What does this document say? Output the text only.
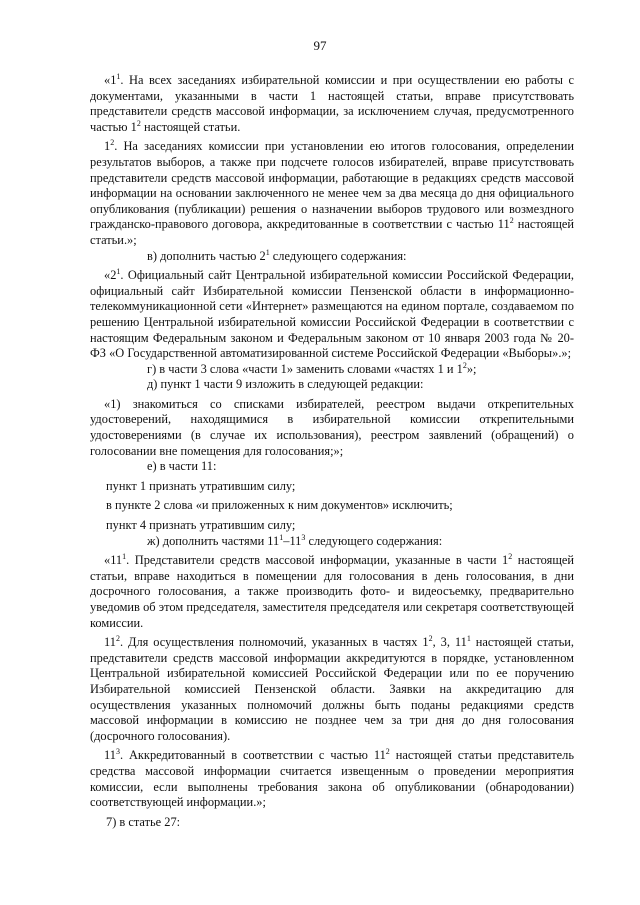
97

«$1^1$. На всех заседаниях избирательной комиссии и при осуществлении ею работы с документами, указанными в части 1 настоящей статьи, вправе присутствовать представители средств массовой информации, за исключением случая, предусмотренного частью $1^2$ настоящей статьи.

$1^2$. На заседаниях комиссии при установлении ею итогов голосования, определении результатов выборов, а также при подсчете голосов избирателей, вправе присутствовать представители средств массовой информации, работающие в редакциях средств массовой информации на основании заключенного не менее чем за два месяца до дня официального опубликования (публикации) решения о назначении выборов трудового или возмездного гражданско-правового договора, аккредитованные в соответствии с частью $11^2$ настоящей статьи.»;

в) дополнить частью $2^1$ следующего содержания:

«$2^1$. Официальный сайт Центральной избирательной комиссии Российской Федерации, официальный сайт Избирательной комиссии Пензенской области в информационно-телекоммуникационной сети «Интернет» размещаются на едином портале, создаваемом по решению Центральной избирательной комиссии Российской Федерации в соответствии с настоящим Федеральным законом и Федеральным законом от 10 января 2003 года № 20-ФЗ «О Государственной автоматизированной системе Российской Федерации «Выборы».»;

г) в части 3 слова «части 1» заменить словами «частях 1 и $1^2$»;

д) пункт 1 части 9 изложить в следующей редакции:

«1) знакомиться со списками избирателей, реестром выдачи открепительных удостоверений, находящимися в избирательной комиссии открепительными удостоверениями (в случае их использования), реестром заявлений (обращений) о голосовании вне помещения для голосования;»;

е) в части 11:

пункт 1 признать утратившим силу;

в пункте 2 слова «и приложенных к ним документов» исключить;

пункт 4 признать утратившим силу;

ж) дополнить частями $11^1-11^3$ следующего содержания:

«$11^1$. Представители средств массовой информации, указанные в части $1^2$ настоящей статьи, вправе находиться в помещении для голосования в день голосования, в дни досрочного голосования, а также производить фото- и видеосъемку, предварительно уведомив об этом председателя, заместителя председателя или секретаря соответствующей комиссии.

$11^2$. Для осуществления полномочий, указанных в частях $1^2$, 3, $11^1$ настоящей статьи, представители средств массовой информации аккредитуются в порядке, установленном Центральной избирательной комиссией Российской Федерации или по ее поручению Избирательной комиссией Пензенской области. Заявки на аккредитацию для осуществления указанных полномочий должны быть поданы редакциями средств массовой информации в комиссию не позднее чем за три дня до дня голосования (досрочного голосования).

$11^3$. Аккредитованный в соответствии с частью $11^2$ настоящей статьи представитель средства массовой информации считается извещенным о проведении мероприятия комиссии, если выполнены требования закона об опубликовании (обнародовании) соответствующей информации.»;

7) в статье 27:
